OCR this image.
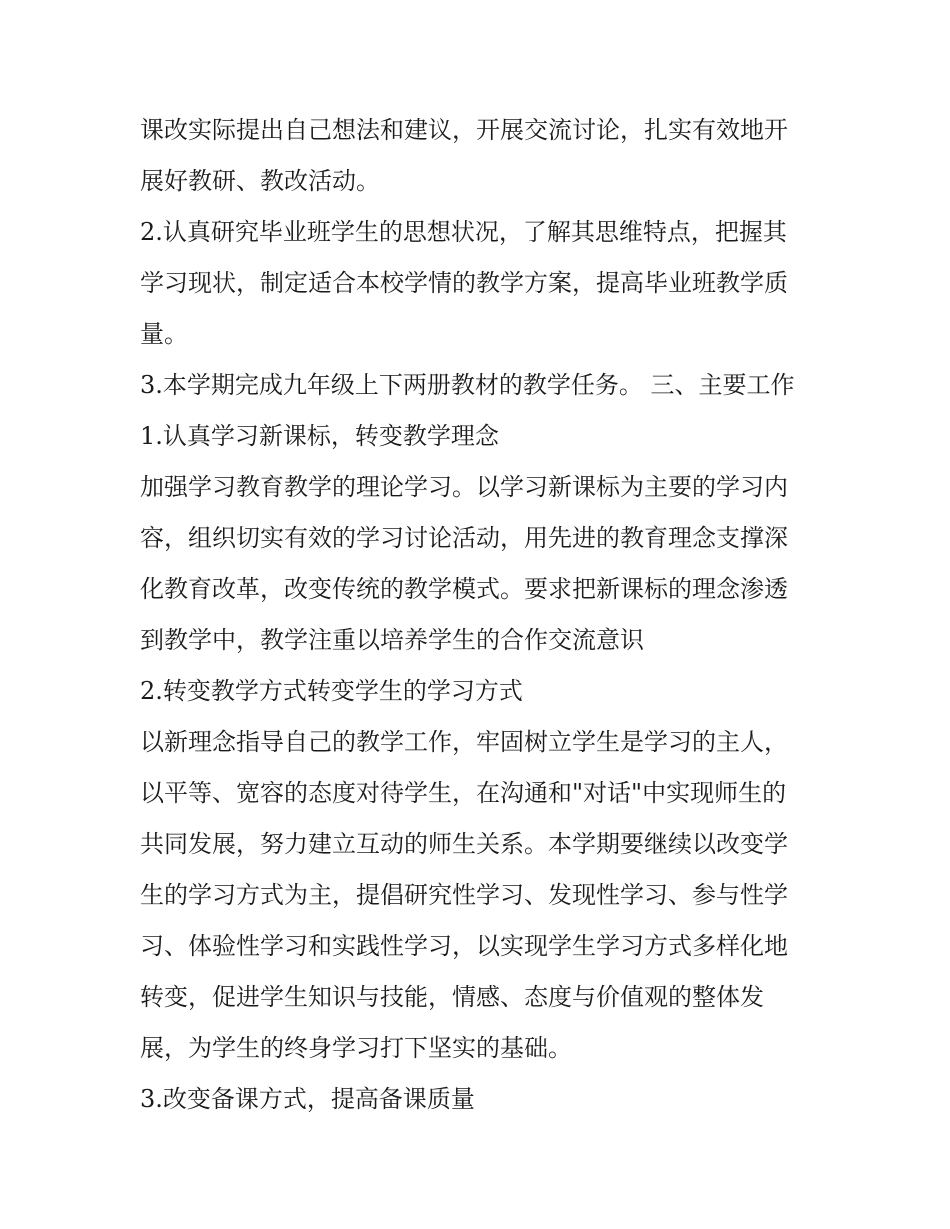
课改实际提出自己想法和建议，开展交流讨论，扎实有效地开
展好教研、教改活动。
2.认真研究毕业班学生的思想状况，了解其思维特点，把握其
学习现状，制定适合本校学情的教学方案，提高毕业班教学质
量。
3.本学期完成九年级上下两册教材的教学任务。 三、主要工作
1.认真学习新课标，转变教学理念
加强学习教育教学的理论学习。以学习新课标为主要的学习内
容，组织切实有效的学习讨论活动，用先进的教育理念支撑深
化教育改革，改变传统的教学模式。要求把新课标的理念渗透
到教学中，教学注重以培养学生的合作交流意识
2.转变教学方式转变学生的学习方式
以新理念指导自己的教学工作，牢固树立学生是学习的主人，
以平等、宽容的态度对待学生，在沟通和"对话"中实现师生的
共同发展，努力建立互动的师生关系。本学期要继续以改变学
生的学习方式为主，提倡研究性学习、发现性学习、参与性学
习、体验性学习和实践性学习，以实现学生学习方式多样化地
转变，促进学生知识与技能，情感、态度与价值观的整体发
展，为学生的终身学习打下坚实的基础。
3.改变备课方式，提高备课质量
